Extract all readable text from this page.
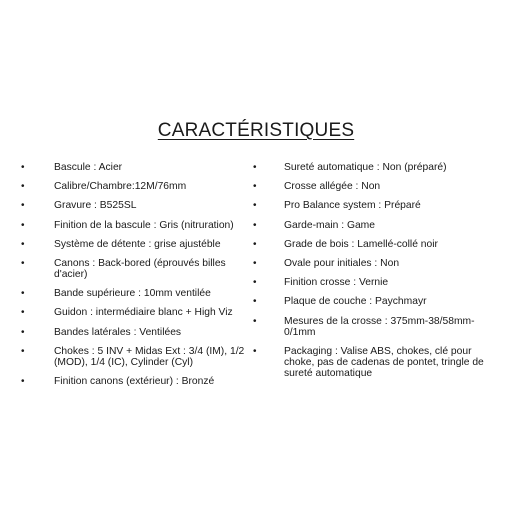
CARACTÉRISTIQUES
•	Bascule : Acier
•	Calibre/Chambre:12M/76mm
•	Gravure : B525SL
•	Finition de la bascule : Gris (nitruration)
•	Système de détente : grise ajustéble
•	Canons : Back-bored (éprouvés billes d'acier)
•	Bande supérieure : 10mm ventilée
•	Guidon : intermédiaire blanc + High Viz
•	Bandes latérales : Ventilées
•	Chokes : 5 INV + Midas Ext : 3/4 (IM), 1/2 (MOD), 1/4 (IC), Cylinder (Cyl)
•	Finition canons (extérieur) : Bronzé
•	Sureté automatique : Non (préparé)
•	Crosse allégée : Non
•	Pro Balance system : Préparé
•	Garde-main : Game
•	Grade de bois : Lamellé-collé noir
•	Ovale pour initiales : Non
•	Finition crosse : Vernie
•	Plaque de couche : Paychmayr
•	Mesures de la crosse : 375mm-38/58mm-0/1mm
•	Packaging : Valise ABS, chokes, clé pour choke, pas de cadenas de pontet, tringle de sureté automatique
